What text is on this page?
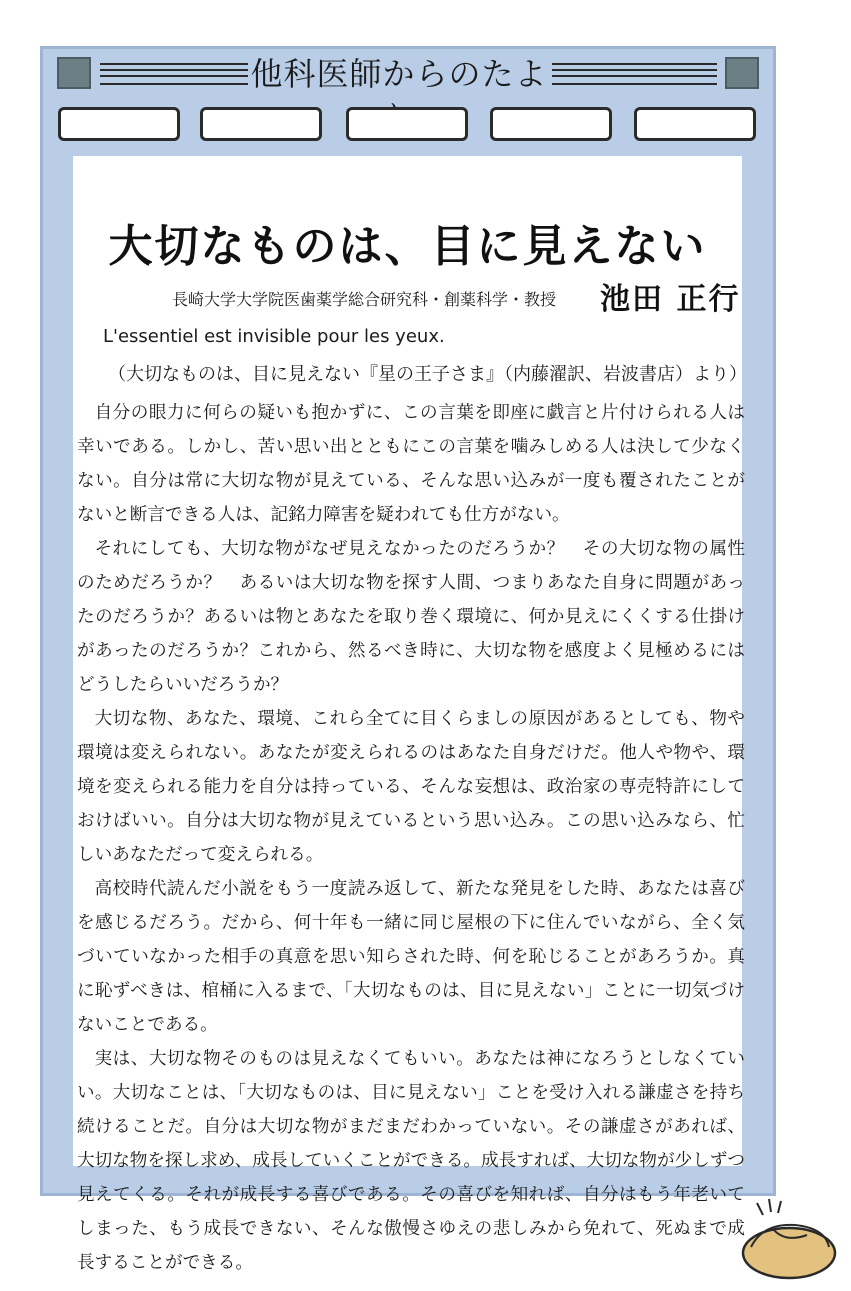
他科医師からのたよ
大切なものは、目に見えない
長崎大学大学院医歯薬学総合研究科・創薬科学・教授 池田 正行
L'essentiel est invisible pour les yeux.
（大切なものは、目に見えない『星の王子さま』（内藤濯訳、岩波書店）より）

自分の眼力に何らの疑いも抱かずに、この言葉を即座に戯言と片付けられる人は幸いである。しかし、苦い思い出とともにこの言葉を噛みしめる人は決して少なくない。自分は常に大切な物が見えている、そんな思い込みが一度も覆されたことがないと断言できる人は、記銘力障害を疑われても仕方がない。

それにしても、大切な物がなぜ見えなかったのだろうか？　その大切な物の属性のためだろうか？　あるいは大切な物を探す人間、つまりあなた自身に問題があったのだろうか？あるいは物とあなたを取り巻く環境に、何か見えにくくする仕掛けがあったのだろうか？これから、然るべき時に、大切な物を感度よく見極めるにはどうしたらいいだろうか？

大切な物、あなた、環境、これら全てに目くらましの原因があるとしても、物や環境は変えられない。あなたが変えられるのはあなた自身だけだ。他人や物や、環境を変えられる能力を自分は持っている、そんな妄想は、政治家の専売特許にしておけばいい。自分は大切な物が見えているという思い込み。この思い込みなら、忙しいあなただって変えられる。

高校時代読んだ小説をもう一度読み返して、新たな発見をした時、あなたは喜びを感じるだろう。だから、何十年も一緒に同じ屋根の下に住んでいながら、全く気づいていなかった相手の真意を思い知らされた時、何を恥じることがあろうか。真に恥ずべきは、棺桶に入るまで、「大切なものは、目に見えない」ことに一切気づけないことである。

実は、大切な物そのものは見えなくてもいい。あなたは神になろうとしなくていい。大切なことは、「大切なものは、目に見えない」ことを受け入れる謙虚さを持ち続けることだ。自分は大切な物がまだまだわかっていない。その謙虚さがあれば、大切な物を探し求め、成長していくことができる。成長すれば、大切な物が少しずつ見えてくる。それが成長する喜びである。その喜びを知れば、自分はもう年老いてしまった、もう成長できない、そんな傲慢さゆえの悲しみから免れて、死ぬまで成長することができる。
